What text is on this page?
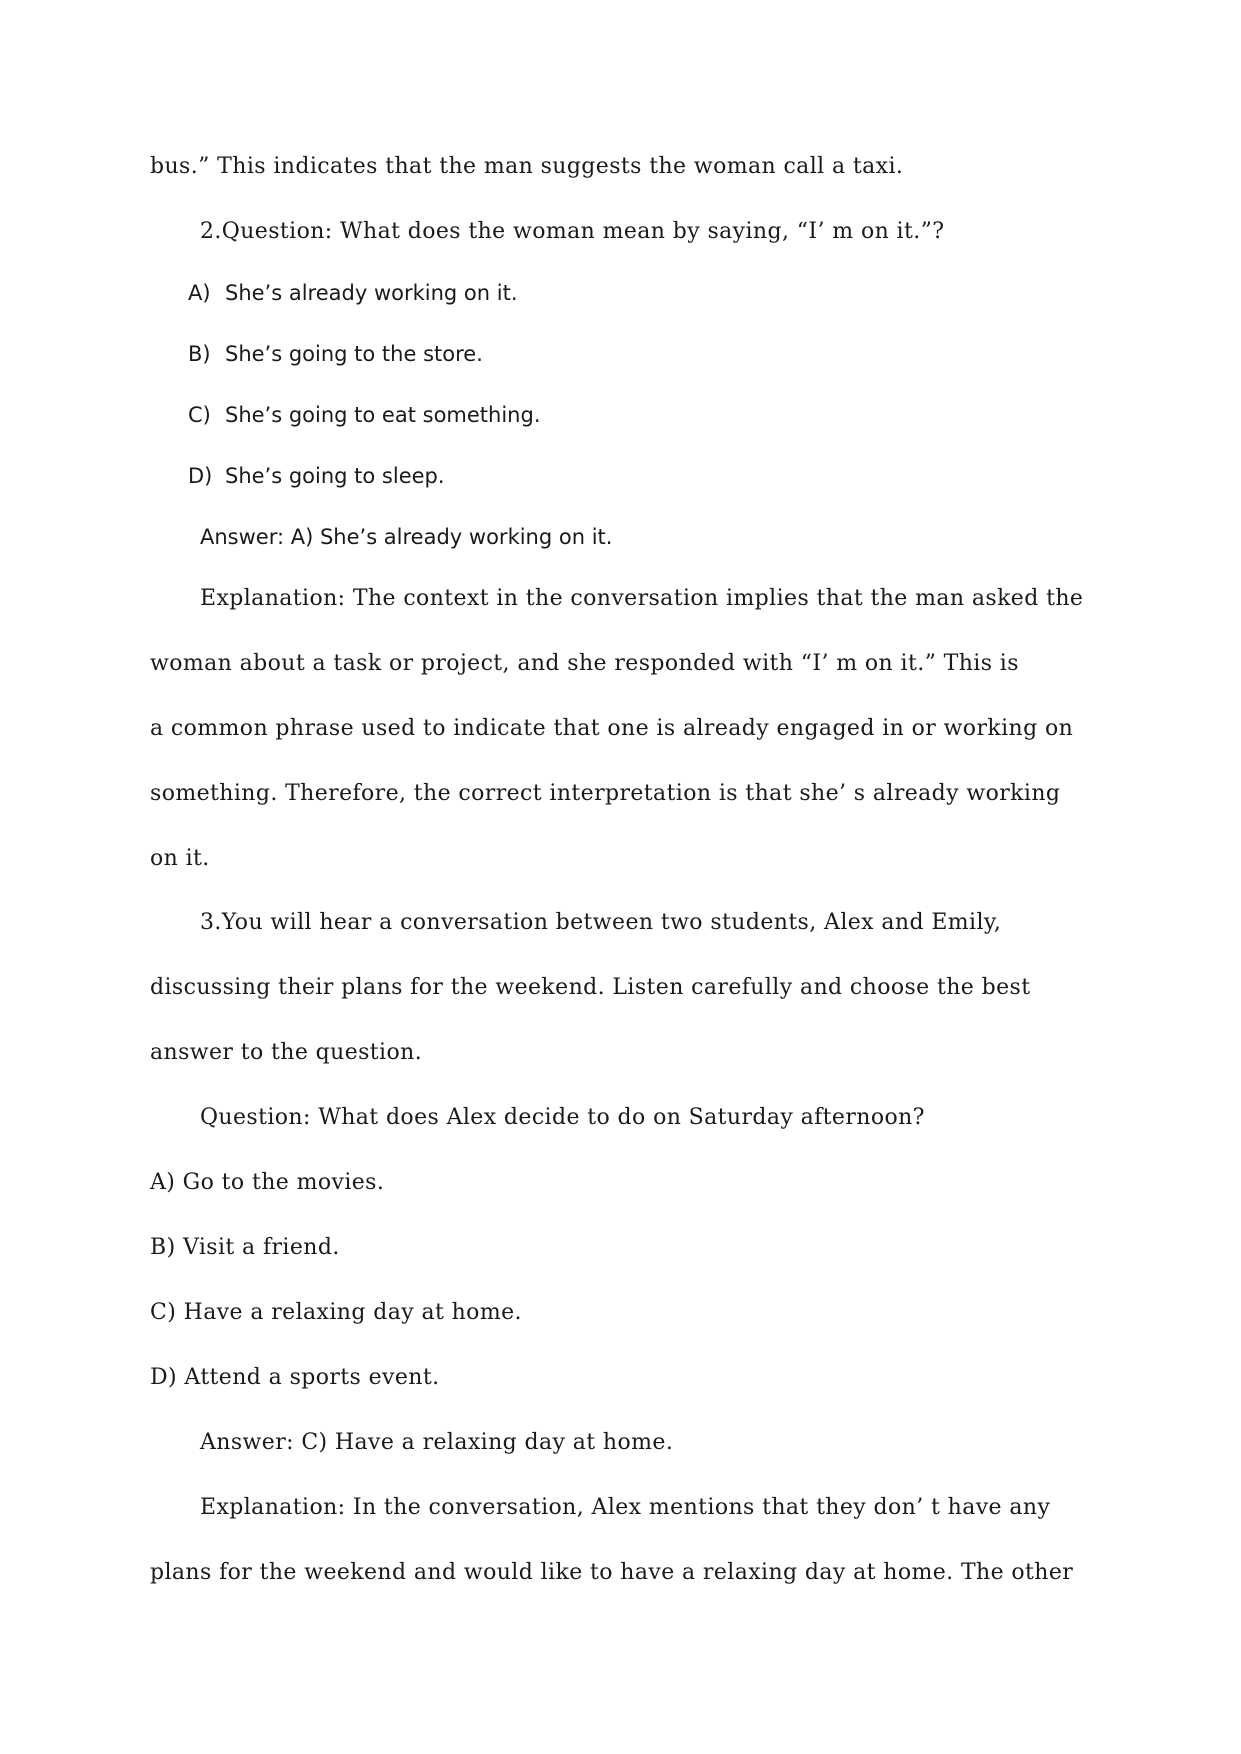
bus.” This indicates that the man suggests the woman call a taxi.
2.Question: What does the woman mean by saying, “I’ m on it.”?
A) She’s already working on it.
B) She’s going to the store.
C) She’s going to eat something.
D) She’s going to sleep.
Answer: A) She’s already working on it.
Explanation: The context in the conversation implies that the man asked the
woman about a task or project, and she responded with “I’ m on it.” This is
a common phrase used to indicate that one is already engaged in or working on
something. Therefore, the correct interpretation is that she’ s already working
on it.
3.You will hear a conversation between two students, Alex and Emily,
discussing their plans for the weekend. Listen carefully and choose the best
answer to the question.
Question: What does Alex decide to do on Saturday afternoon?
A) Go to the movies.
B) Visit a friend.
C) Have a relaxing day at home.
D) Attend a sports event.
Answer: C) Have a relaxing day at home.
Explanation: In the conversation, Alex mentions that they don’ t have any
plans for the weekend and would like to have a relaxing day at home. The other
